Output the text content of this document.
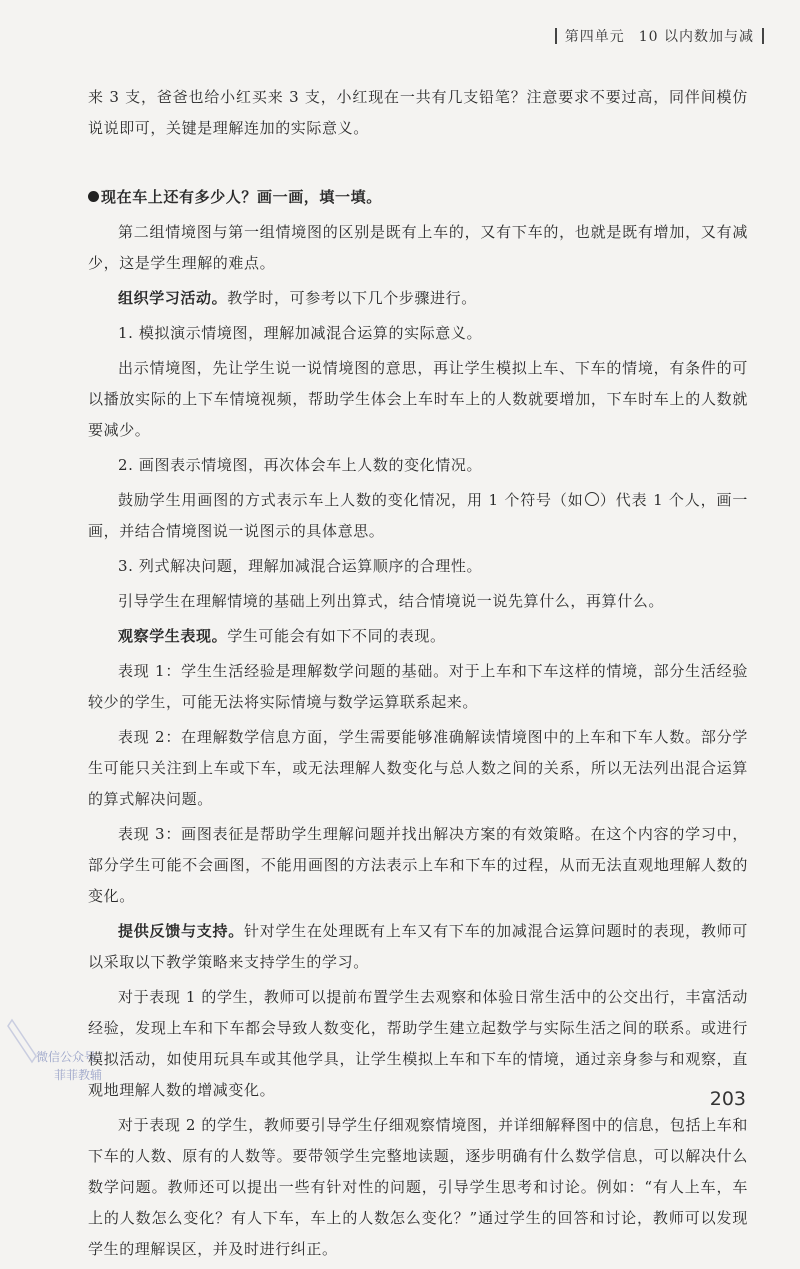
第四单元 10 以内数加与减

来 3 支，爸爸也给小红买来 3 支，小红现在一共有几支铅笔？注意要求不要过高，同伴间模仿说说即可，关键是理解连加的实际意义。

现在车上还有多少人？画一画，填一填。

第二组情境图与第一组情境图的区别是既有上车的，又有下车的，也就是既有增加，又有减少，这是学生理解的难点。

组织学习活动。教学时，可参考以下几个步骤进行。

1. 模拟演示情境图，理解加减混合运算的实际意义。

出示情境图，先让学生说一说情境图的意思，再让学生模拟上车、下车的情境，有条件的可以播放实际的上下车情境视频，帮助学生体会上车时车上的人数就要增加，下车时车上的人数就要减少。

2. 画图表示情境图，再次体会车上人数的变化情况。

鼓励学生用画图的方式表示车上人数的变化情况，用 1 个符号（如 ）代表 1 个人，画一画，并结合情境图说一说图示的具体意思。

3. 列式解决问题，理解加减混合运算顺序的合理性。

引导学生在理解情境的基础上列出算式，结合情境说一说先算什么，再算什么。

观察学生表现。学生可能会有如下不同的表现。

表现 1：学生生活经验是理解数学问题的基础。对于上车和下车这样的情境，部分生活经验较少的学生，可能无法将实际情境与数学运算联系起来。

表现 2：在理解数学信息方面，学生需要能够准确解读情境图中的上车和下车人数。部分学生可能只关注到上车或下车，或无法理解人数变化与总人数之间的关系，所以无法列出混合运算的算式解决问题。

表现 3：画图表征是帮助学生理解问题并找出解决方案的有效策略。在这个内容的学习中，部分学生可能不会画图，不能用画图的方法表示上车和下车的过程，从而无法直观地理解人数的变化。

提供反馈与支持。针对学生在处理既有上车又有下车的加减混合运算问题时的表现，教师可以采取以下教学策略来支持学生的学习。

对于表现 1 的学生，教师可以提前布置学生去观察和体验日常生活中的公交出行，丰富活动经验，发现上车和下车都会导致人数变化，帮助学生建立起数学与实际生活之间的联系。或进行模拟活动，如使用玩具车或其他学具，让学生模拟上车和下车的情境，通过亲身参与和观察，直观地理解人数的增减变化。

对于表现 2 的学生，教师要引导学生仔细观察情境图，并详细解释图中的信息，包括上车和下车的人数、原有的人数等。要带领学生完整地读题，逐步明确有什么数学信息，可以解决什么数学问题。教师还可以提出一些有针对性的问题，引导学生思考和讨论。例如：“有人上车，车上的人数怎么变化？有人下车，车上的人数怎么变化？”通过学生的回答和讨论，教师可以发现学生的理解误区，并及时进行纠正。

微信公众号
菲菲教辅
203
